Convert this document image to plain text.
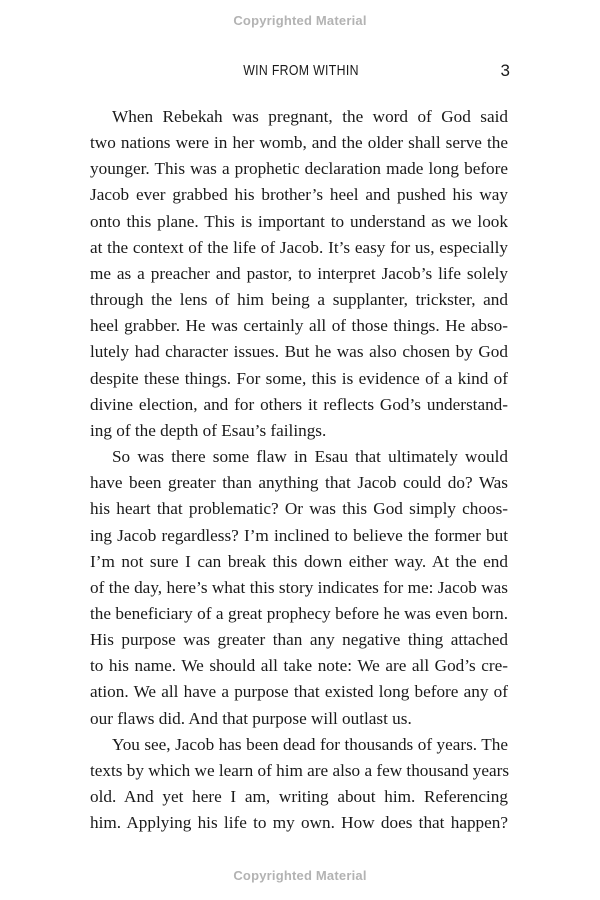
Copyrighted Material
WIN FROM WITHIN	3

When Rebekah was pregnant, the word of God said
two nations were in her womb, and the older shall serve the
younger. This was a prophetic declaration made long before
Jacob ever grabbed his brother’s heel and pushed his way
onto this plane. This is important to understand as we look
at the context of the life of Jacob. It’s easy for us, especially
me as a preacher and pastor, to interpret Jacob’s life solely
through the lens of him being a supplanter, trickster, and
heel grabber. He was certainly all of those things. He abso-
lutely had character issues. But he was also chosen by God
despite these things. For some, this is evidence of a kind of
divine election, and for others it reflects God’s understand-
ing of the depth of Esau’s failings.

So was there some flaw in Esau that ultimately would
have been greater than anything that Jacob could do? Was
his heart that problematic? Or was this God simply choos-
ing Jacob regardless? I’m inclined to believe the former but
I’m not sure I can break this down either way. At the end
of the day, here’s what this story indicates for me: Jacob was
the beneficiary of a great prophecy before he was even born.
His purpose was greater than any negative thing attached
to his name. We should all take note: We are all God’s cre-
ation. We all have a purpose that existed long before any of
our flaws did. And that purpose will outlast us.

You see, Jacob has been dead for thousands of years. The
texts by which we learn of him are also a few thousand years
old. And yet here I am, writing about him. Referencing
him. Applying his life to my own. How does that happen?

Copyrighted Material
